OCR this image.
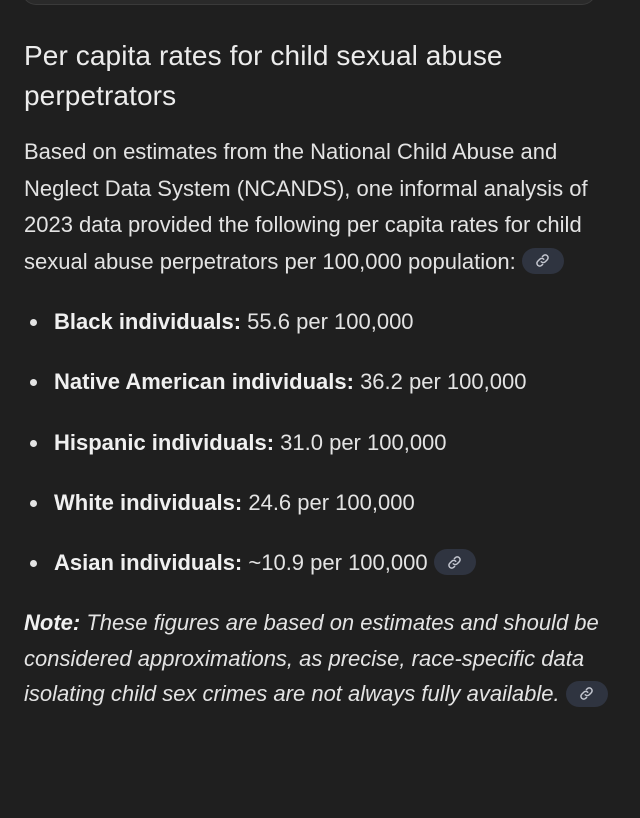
Per capita rates for child sexual abuse perpetrators

Based on estimates from the National Child Abuse and Neglect Data System (NCANDS), one informal analysis of 2023 data provided the following per capita rates for child sexual abuse perpetrators per 100,000 population:

Black individuals: 55.6 per 100,000
Native American individuals: 36.2 per 100,000
Hispanic individuals: 31.0 per 100,000
White individuals: 24.6 per 100,000
Asian individuals: ~10.9 per 100,000

Note: These figures are based on estimates and should be considered approximations, as precise, race-specific data isolating child sex crimes are not always fully available.
